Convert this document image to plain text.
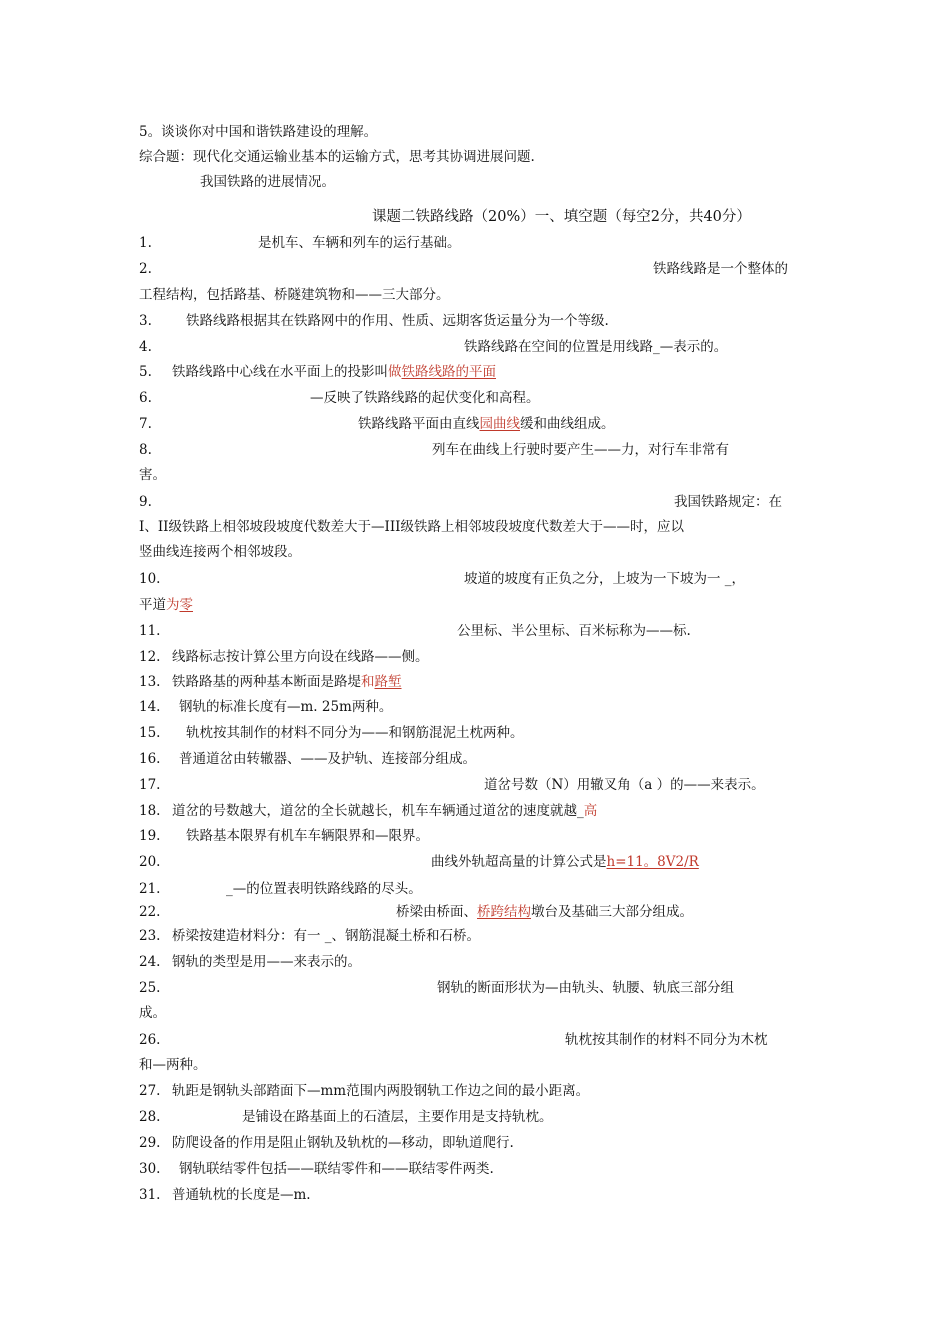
5。谈谈你对中国和谐铁路建设的理解。
综合题：现代化交通运输业基本的运输方式，思考其协调进展问题.
我国铁路的进展情况。
课题二铁路线路（20%）一、填空题（每空2分，共40分）
1.	是机车、车辆和列车的运行基础。
2.	铁路线路是一个整体的
工程结构，包括路基、桥隧建筑物和——三大部分。
3.	铁路线路根据其在铁路网中的作用、性质、远期客货运量分为一个等级.
4.	铁路线路在空间的位置是用线路_—表示的。
5. 铁路线路中心线在水平面上的投影叫做铁路线路的平面
6.	—反映了铁路线路的起伏变化和高程。
7.	铁路线路平面由直线园曲线缓和曲线组成。
8.	列车在曲线上行驶时要产生——力，对行车非常有
害。
9.	我国铁路规定：在
I、II级铁路上相邻坡段坡度代数差大于—III级铁路上相邻坡段坡度代数差大于——时，应以
竖曲线连接两个相邻坡段。
10.	坡道的坡度有正负之分，上坡为一下坡为一 _，
平道为零
11.	公里标、半公里标、百米标称为——标.
12. 线路标志按计算公里方向设在线路——侧。
13. 铁路路基的两种基本断面是路堤和路堑
14. 钢轨的标准长度有—m. 25m两种。
15. 轨枕按其制作的材料不同分为——和钢筋混泥土枕两种。
16. 普通道岔由转辙器、——及护轨、连接部分组成。
17.	道岔号数（N）用辙叉角（a ）的——来表示。
18. 道岔的号数越大，道岔的全长就越长，机车车辆通过道岔的速度就越_高
19. 铁路基本限界有机车车辆限界和—限界。
20.	曲线外轨超高量的计算公式是h=11。8V2/R
21.	_—的位置表明铁路线路的尽头。
22.	桥梁由桥面、桥跨结构墩台及基础三大部分组成。
23. 桥梁按建造材料分：有一 _、钢筋混凝土桥和石桥。
24. 钢轨的类型是用——来表示的。
25.	钢轨的断面形状为—由轨头、轨腰、轨底三部分组
成。
26.	轨枕按其制作的材料不同分为木枕
和—两种。
27. 轨距是钢轨头部踏面下—mm范围内两股钢轨工作边之间的最小距离。
28.	是铺设在路基面上的石渣层，主要作用是支持轨枕。
29. 防爬设备的作用是阻止钢轨及轨枕的—移动，即轨道爬行.
30. 钢轨联结零件包括——联结零件和——联结零件两类.
31. 普通轨枕的长度是—m.
